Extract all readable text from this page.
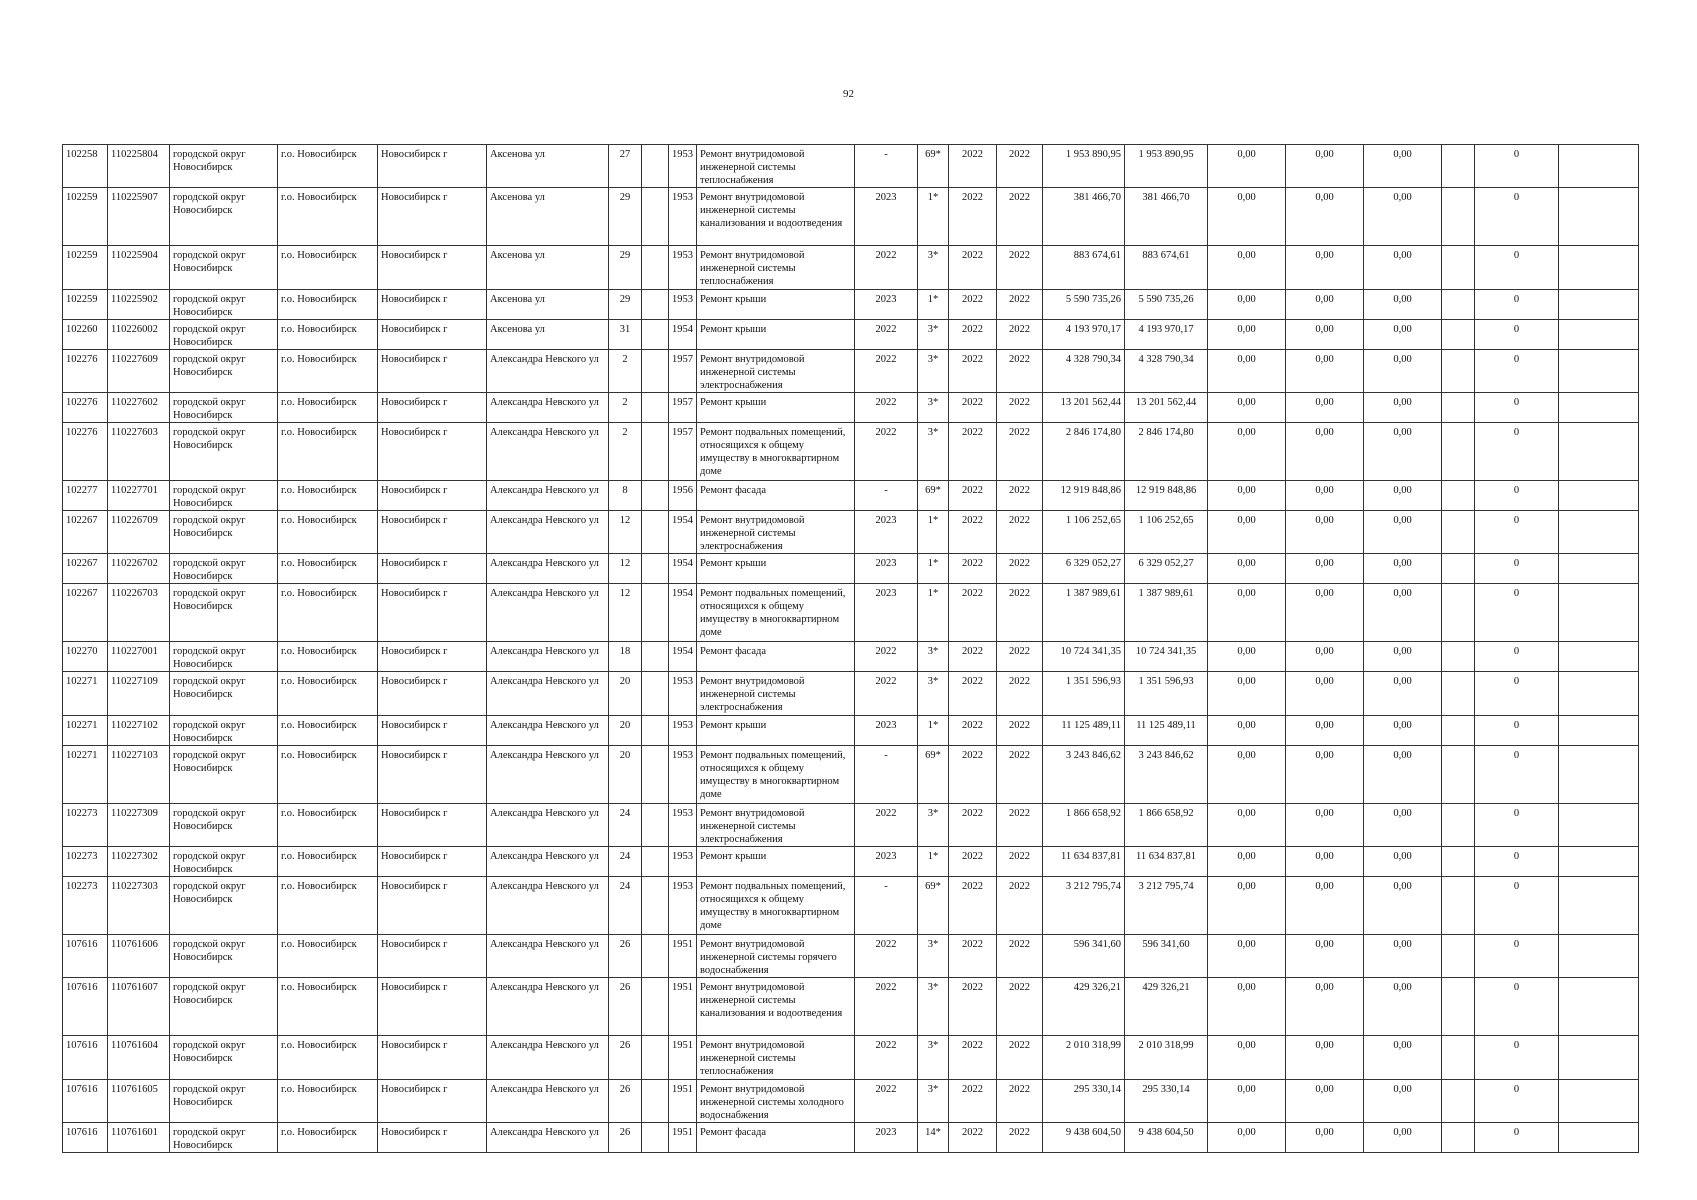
92
102258	110225804	городской округ Новосибирск	г.о. Новосибирск	Новосибирск г	Аксенова ул	27		1953	Ремонт внутридомовой инженерной системы теплоснабжения	-	69*	2022	2022	1 953 890,95	1 953 890,95	0,00	0,00	0,00		0	
102259	110225907	городской округ Новосибирск	г.о. Новосибирск	Новосибирск г	Аксенова ул	29		1953	Ремонт внутридомовой инженерной системы канализования и водоотведения	2023	1*	2022	2022	381 466,70	381 466,70	0,00	0,00	0,00		0	
102259	110225904	городской округ Новосибирск	г.о. Новосибирск	Новосибирск г	Аксенова ул	29		1953	Ремонт внутридомовой инженерной системы теплоснабжения	2022	3*	2022	2022	883 674,61	883 674,61	0,00	0,00	0,00		0	
102259	110225902	городской округ Новосибирск	г.о. Новосибирск	Новосибирск г	Аксенова ул	29		1953	Ремонт крыши	2023	1*	2022	2022	5 590 735,26	5 590 735,26	0,00	0,00	0,00		0	
102260	110226002	городской округ Новосибирск	г.о. Новосибирск	Новосибирск г	Аксенова ул	31		1954	Ремонт крыши	2022	3*	2022	2022	4 193 970,17	4 193 970,17	0,00	0,00	0,00		0	
102276	110227609	городской округ Новосибирск	г.о. Новосибирск	Новосибирск г	Александра Невского ул	2		1957	Ремонт внутридомовой инженерной системы электроснабжения	2022	3*	2022	2022	4 328 790,34	4 328 790,34	0,00	0,00	0,00		0	
102276	110227602	городской округ Новосибирск	г.о. Новосибирск	Новосибирск г	Александра Невского ул	2		1957	Ремонт крыши	2022	3*	2022	2022	13 201 562,44	13 201 562,44	0,00	0,00	0,00		0	
102276	110227603	городской округ Новосибирск	г.о. Новосибирск	Новосибирск г	Александра Невского ул	2		1957	Ремонт подвальных помещений, относящихся к общему имуществу в многоквартирном доме	2022	3*	2022	2022	2 846 174,80	2 846 174,80	0,00	0,00	0,00		0	
102277	110227701	городской округ Новосибирск	г.о. Новосибирск	Новосибирск г	Александра Невского ул	8		1956	Ремонт фасада	-	69*	2022	2022	12 919 848,86	12 919 848,86	0,00	0,00	0,00		0	
102267	110226709	городской округ Новосибирск	г.о. Новосибирск	Новосибирск г	Александра Невского ул	12		1954	Ремонт внутридомовой инженерной системы электроснабжения	2023	1*	2022	2022	1 106 252,65	1 106 252,65	0,00	0,00	0,00		0	
102267	110226702	городской округ Новосибирск	г.о. Новосибирск	Новосибирск г	Александра Невского ул	12		1954	Ремонт крыши	2023	1*	2022	2022	6 329 052,27	6 329 052,27	0,00	0,00	0,00		0	
102267	110226703	городской округ Новосибирск	г.о. Новосибирск	Новосибирск г	Александра Невского ул	12		1954	Ремонт подвальных помещений, относящихся к общему имуществу в многоквартирном доме	2023	1*	2022	2022	1 387 989,61	1 387 989,61	0,00	0,00	0,00		0	
102270	110227001	городской округ Новосибирск	г.о. Новосибирск	Новосибирск г	Александра Невского ул	18		1954	Ремонт фасада	2022	3*	2022	2022	10 724 341,35	10 724 341,35	0,00	0,00	0,00		0	
102271	110227109	городской округ Новосибирск	г.о. Новосибирск	Новосибирск г	Александра Невского ул	20		1953	Ремонт внутридомовой инженерной системы электроснабжения	2022	3*	2022	2022	1 351 596,93	1 351 596,93	0,00	0,00	0,00		0	
102271	110227102	городской округ Новосибирск	г.о. Новосибирск	Новосибирск г	Александра Невского ул	20		1953	Ремонт крыши	2023	1*	2022	2022	11 125 489,11	11 125 489,11	0,00	0,00	0,00		0	
102271	110227103	городской округ Новосибирск	г.о. Новосибирск	Новосибирск г	Александра Невского ул	20		1953	Ремонт подвальных помещений, относящихся к общему имуществу в многоквартирном доме	-	69*	2022	2022	3 243 846,62	3 243 846,62	0,00	0,00	0,00		0	
102273	110227309	городской округ Новосибирск	г.о. Новосибирск	Новосибирск г	Александра Невского ул	24		1953	Ремонт внутридомовой инженерной системы электроснабжения	2022	3*	2022	2022	1 866 658,92	1 866 658,92	0,00	0,00	0,00		0	
102273	110227302	городской округ Новосибирск	г.о. Новосибирск	Новосибирск г	Александра Невского ул	24		1953	Ремонт крыши	2023	1*	2022	2022	11 634 837,81	11 634 837,81	0,00	0,00	0,00		0	
102273	110227303	городской округ Новосибирск	г.о. Новосибирск	Новосибирск г	Александра Невского ул	24		1953	Ремонт подвальных помещений, относящихся к общему имуществу в многоквартирном доме	-	69*	2022	2022	3 212 795,74	3 212 795,74	0,00	0,00	0,00		0	
107616	110761606	городской округ Новосибирск	г.о. Новосибирск	Новосибирск г	Александра Невского ул	26		1951	Ремонт внутридомовой инженерной системы горячего водоснабжения	2022	3*	2022	2022	596 341,60	596 341,60	0,00	0,00	0,00		0	
107616	110761607	городской округ Новосибирск	г.о. Новосибирск	Новосибирск г	Александра Невского ул	26		1951	Ремонт внутридомовой инженерной системы канализования и водоотведения	2022	3*	2022	2022	429 326,21	429 326,21	0,00	0,00	0,00		0	
107616	110761604	городской округ Новосибирск	г.о. Новосибирск	Новосибирск г	Александра Невского ул	26		1951	Ремонт внутридомовой инженерной системы теплоснабжения	2022	3*	2022	2022	2 010 318,99	2 010 318,99	0,00	0,00	0,00		0	
107616	110761605	городской округ Новосибирск	г.о. Новосибирск	Новосибирск г	Александра Невского ул	26		1951	Ремонт внутридомовой инженерной системы холодного водоснабжения	2022	3*	2022	2022	295 330,14	295 330,14	0,00	0,00	0,00		0	
107616	110761601	городской округ Новосибирск	г.о. Новосибирск	Новосибирск г	Александра Невского ул	26		1951	Ремонт фасада	2023	14*	2022	2022	9 438 604,50	9 438 604,50	0,00	0,00	0,00		0	
